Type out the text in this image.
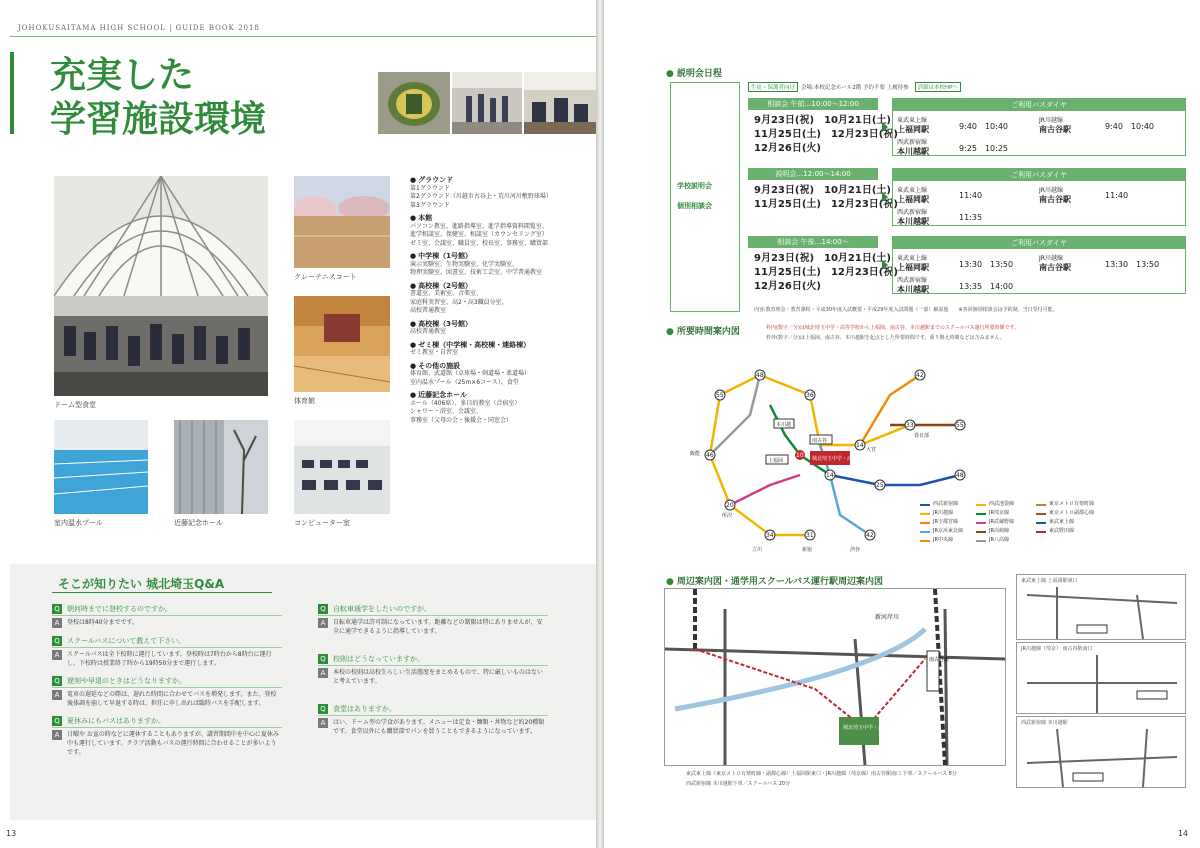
JOHOKUSAITAMA HIGH SCHOOL | GUIDE BOOK 2018
充実した
学習施設環境
ドーム型食堂
クレーテニスコート
体育館
室内温水プール	近藤記念ホール	コンピューター室
● グラウンド
第1グラウンド
第2グラウンド（川越市古谷上・荒川河川敷野球場）
第3グラウンド
● 本館
パソコン教室、進路指導室、進学指導資料閲覧室、
進学相談室、保健室、相談室（カウンセリング室）
ゼミ室、会議室、職員室、校長室、事務室、購買部
● 中学棟（1号館）
演示実験室、生物実験室、化学実験室、
物理実験室、図書室、技術工芸室、中学普通教室
● 高校棟（2号館）
書道室、美術室、音楽室、
家庭科実習室、高2・高3職員分室、
高校普通教室
● 高校棟（3号館）
高校普通教室
● ゼミ棟（中学棟・高校棟・連絡棟）
ゼミ教室・自習室
● その他の施設
体育館、武道館（卓球場・剣道場・柔道場）
室内温水プール（25m×6コース）、食堂
● 近藤記念ホール
ホール（406席）、多目的教室（合宿室）
シャワー・浴室、会議室、
事務室（父母の会・後援会・同窓会）
そこが知りたい 城北埼玉Q&A
Q	朝何時までに登校するのですか。
A	登校は8時40分までです。
Q	スクールバスについて教えて下さい。
A	スクールバスは全下校時に運行しています。登校時は7時台から8時台に運行し、下校時は授業終了時から19時50分まで運行します。
Q	遅刻や早退のときはどうなりますか。
A	電車の遅延などの際は、遅れた時間に合わせてバスを増発します。また、登校後体調を崩して早退する時は、担任に申し出れば臨時バスを手配します。
Q	夏休みにもバスはありますか。
A	日曜や お盆の時などに運休することもありますが、講習期間中を中心に夏休み中も運行しています。クラブ活動もバスの運行時間に合わせることが多いようです。
Q	自転車通学をしたいのですが。
A	自転車通学は許可制になっています。距離などの制限は特にありませんが、安全に通学できるように指導しています。
Q	校則はどうなっていますか。
A	本校の校則は高校生らしい生活態度をまとめるもので、特に厳しいものはないと考えています。
Q	食堂はありますか。
A	はい、ドーム型の学食があります。メニューは定食・麺類・丼物など約20種類です。食堂以外にも購買部でパンを買うこともできるようになっています。
13
● 説明会日程
学校説明会
個別相談会
生徒・保護者向け 会場:本校記念ホール2階 予約不要 上履持参 詳細は本校HPへ
相談会 午前…10:00～12:00
9月23日(祝)　10月21日(土)
11月25日(土)　12月23日(祝)
12月26日(火)
ご利用バスダイヤ
東武東上線
上福岡駅	9:40　10:40
JR川越線
南古谷駅	9:40　10:40
西武新宿線
本川越駅	9:25　10:25
説明会…12:00～14:00
9月23日(祝)　10月21日(土)
11月25日(土)　12月23日(祝)
ご利用バスダイヤ
東武東上線
上福岡駅	11:40
JR川越線
南古谷駅	11:40
西武新宿線
本川越駅	11:35
相談会 午後…14:00～
9月23日(祝)　10月21日(土)
11月25日(土)　12月23日(祝)
12月26日(火)
ご利用バスダイヤ
東武東上線
上福岡駅	13:30　13:50
JR川越線
南古谷駅	13:30　13:50
西武新宿線
本川越駅	13:35　14:00
内容:教育理念・教育課程・平成30年度入試概要・平成29年度入試問題（一部）解説他　　※各回個別相談会は予約制。当日受付可能。
● 所要時間案内図	枠内(数字／分)は城北埼玉中学・高等学校から上福岡、南古谷、本川越駅までのスクールバス運行所要時間です。
枠外(数字／分)は上福岡、南古谷、本川越駅を起点とした所要時間です。乗り換え時間などは含みません。
55
48
36
42
33	55
14
46
20
14
25
48
34	31	42
10 城北埼玉中学・高等学校
本川越
南古谷
上福岡
飯能
所沢
大宮
春日部
渋谷
立川	新宿
西武新宿線
JR川越線
JR宇都宮線
JR京浜東北線
JR中央線
西武池袋線
JR埼京線
JR武蔵野線
JR高崎線
JR八高線
東京メトロ有楽町線
東京メトロ副都心線
東武東上線
東武野田線
● 周辺案内図・通学用スクールバス運行駅周辺案内図
城北埼玉中学・高等学校
新河岸川
南古谷駅
東武東上線（東京メトロ有楽町線・副都心線）上福岡駅東口・JR川越線（埼京線）南古谷駅南口 下車／スクールバス 8分
西武新宿線 本川越駅下車／スクールバス 20分
東武東上線 上福岡駅東口
JR川越線（埼京） 南古谷駅南口
西武新宿線 本川越駅
14
